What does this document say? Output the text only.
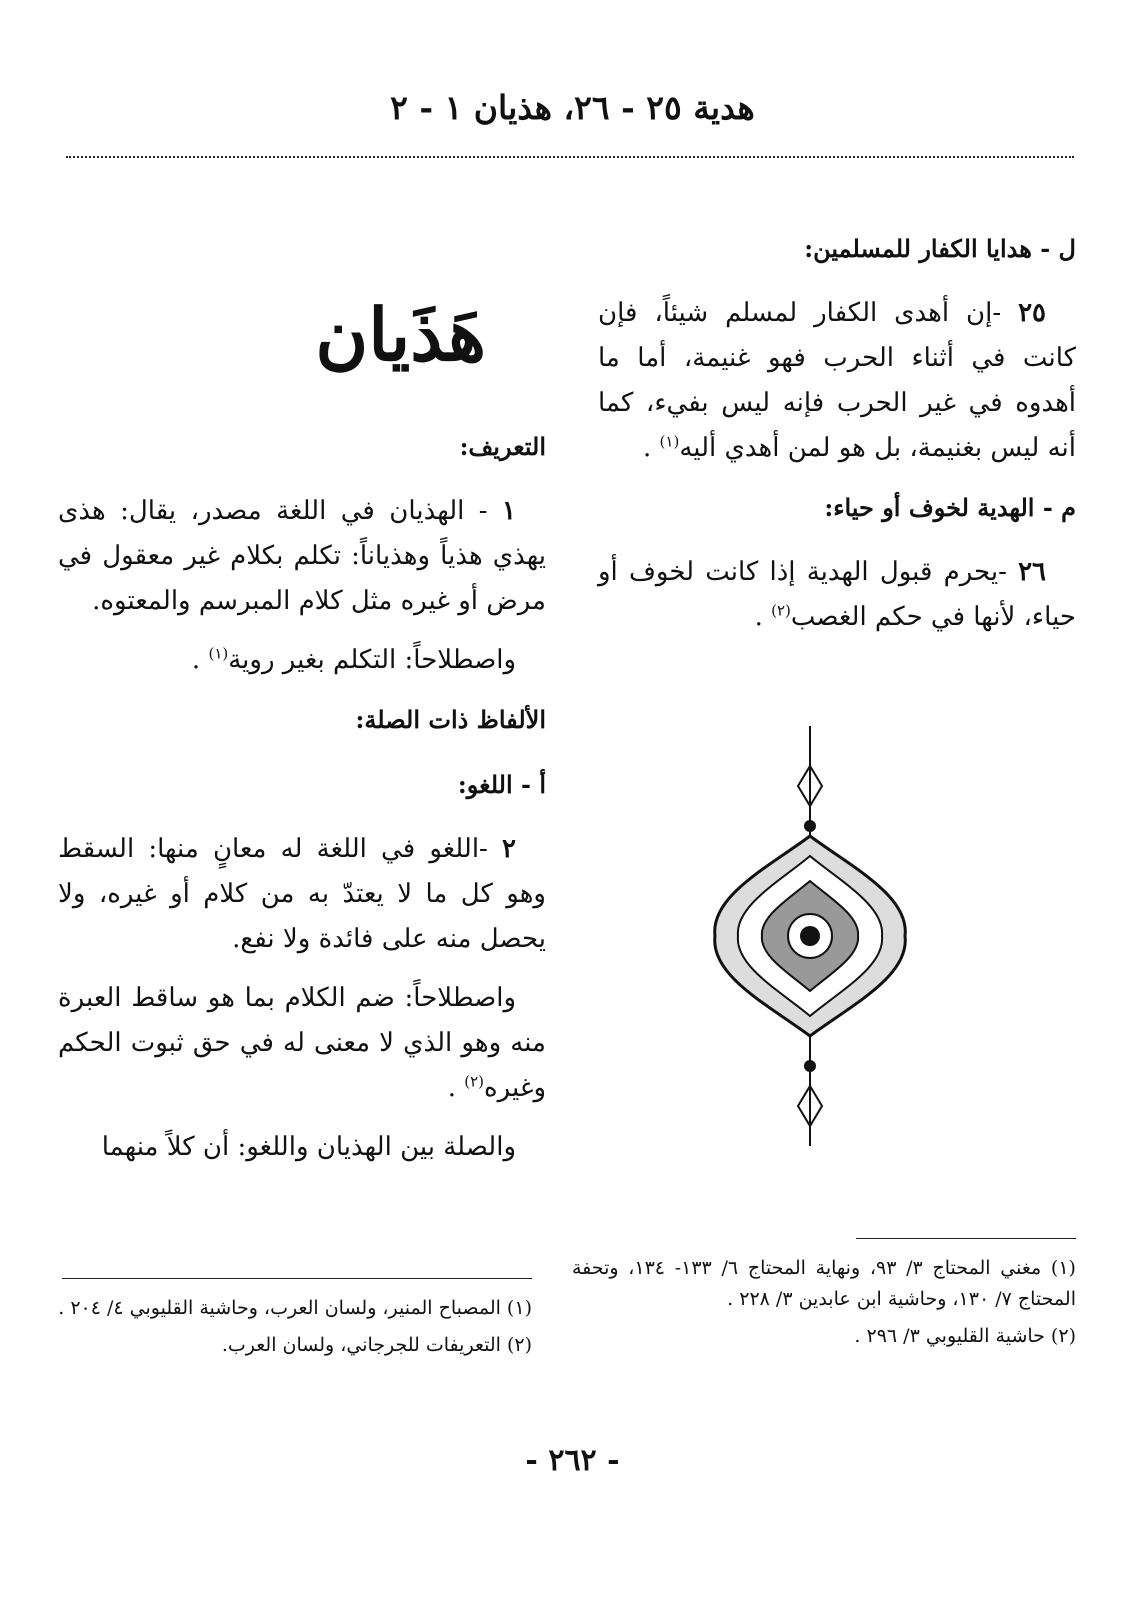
هدية ٢٥ - ٢٦، هذيان ١ - ٢

ل - هدايا الكفار للمسلمين:

٢٥ -إن أهدى الكفار لمسلم شيئاً، فإن كانت في أثناء الحرب فهو غنيمة، أما ما أهدوه في غير الحرب فإنه ليس بفيء، كما أنه ليس بغنيمة، بل هو لمن أهدي أليه$^{(١)}$ .

م - الهدية لخوف أو حياء:

٢٦ -يحرم قبول الهدية إذا كانت لخوف أو حياء، لأنها في حكم الغصب$^{(٢)}$ .

هَذَيان

التعريف:

١ - الهذيان في اللغة مصدر، يقال: هذى يهذي هذياً وهذياناً: تكلم بكلام غير معقول في مرض أو غيره مثل كلام المبرسم والمعتوه.

واصطلاحاً: التكلم بغير روية$^{(١)}$ .

الألفاظ ذات الصلة:

أ - اللغو:

٢ -اللغو في اللغة له معانٍ منها: السقط وهو كل ما لا يعتدّ به من كلام أو غيره، ولا يحصل منه على فائدة ولا نفع.

واصطلاحاً: ضم الكلام بما هو ساقط العبرة منه وهو الذي لا معنى له في حق ثبوت الحكم وغيره$^{(٢)}$ .

والصلة بين الهذيان واللغو: أن كلاً منهما

(١) مغني المحتاج ٣/ ٩٣، ونهاية المحتاج ٦/ ١٣٣- ١٣٤، وتحفة المحتاج ٧/ ١٣٠، وحاشية ابن عابدين ٣/ ٢٢٨ .

(٢) حاشية القليوبي ٣/ ٢٩٦ .

(١) المصباح المنير، ولسان العرب، وحاشية القليوبي ٤/ ٢٠٤ .

(٢) التعريفات للجرجاني، ولسان العرب.

- ٢٦٢ -
